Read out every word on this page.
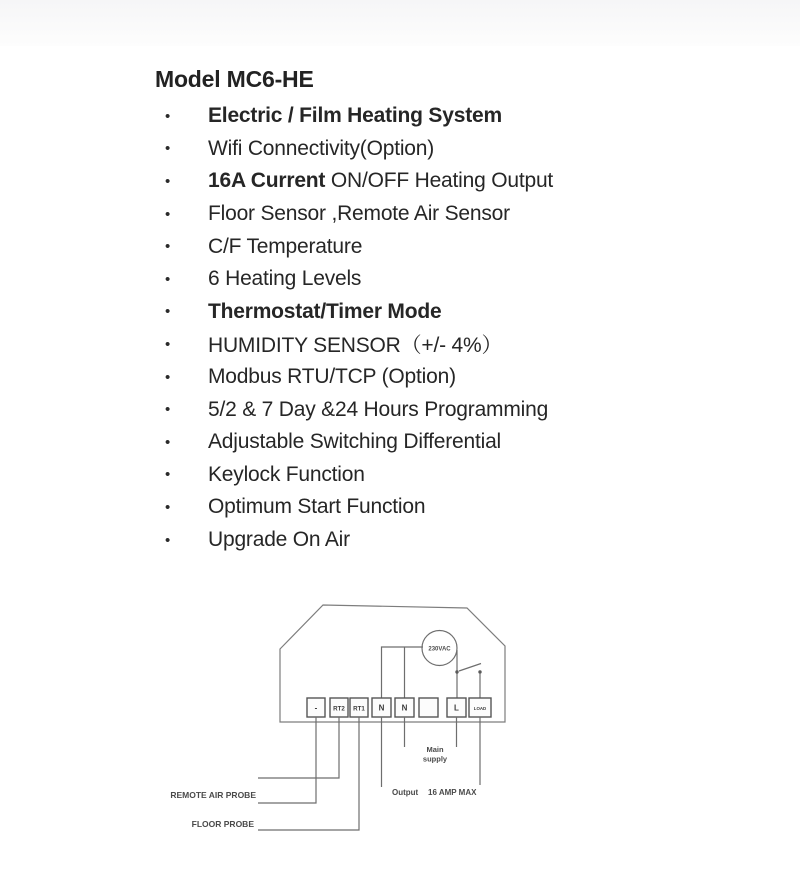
Model MC6-HE
•	Electric / Film Heating System
•	Wifi Connectivity(Option)
•	16A Current ON/OFF Heating Output
•	Floor Sensor ,Remote Air Sensor
•	C/F Temperature
•	6 Heating Levels
•	Thermostat/Timer Mode
•	HUMIDITY SENSOR（+/- 4%）
•	Modbus RTU/TCP (Option)
•	5/2 & 7 Day &24 Hours Programming
•	Adjustable Switching Differential
•	Keylock Function
•	Optimum Start Function
•	Upgrade On Air
230VAC
-	RT2 RT1 N N	L	LOAD
Main
supply
Output 16 AMP MAX
REMOTE AIR PROBE
FLOOR PROBE
